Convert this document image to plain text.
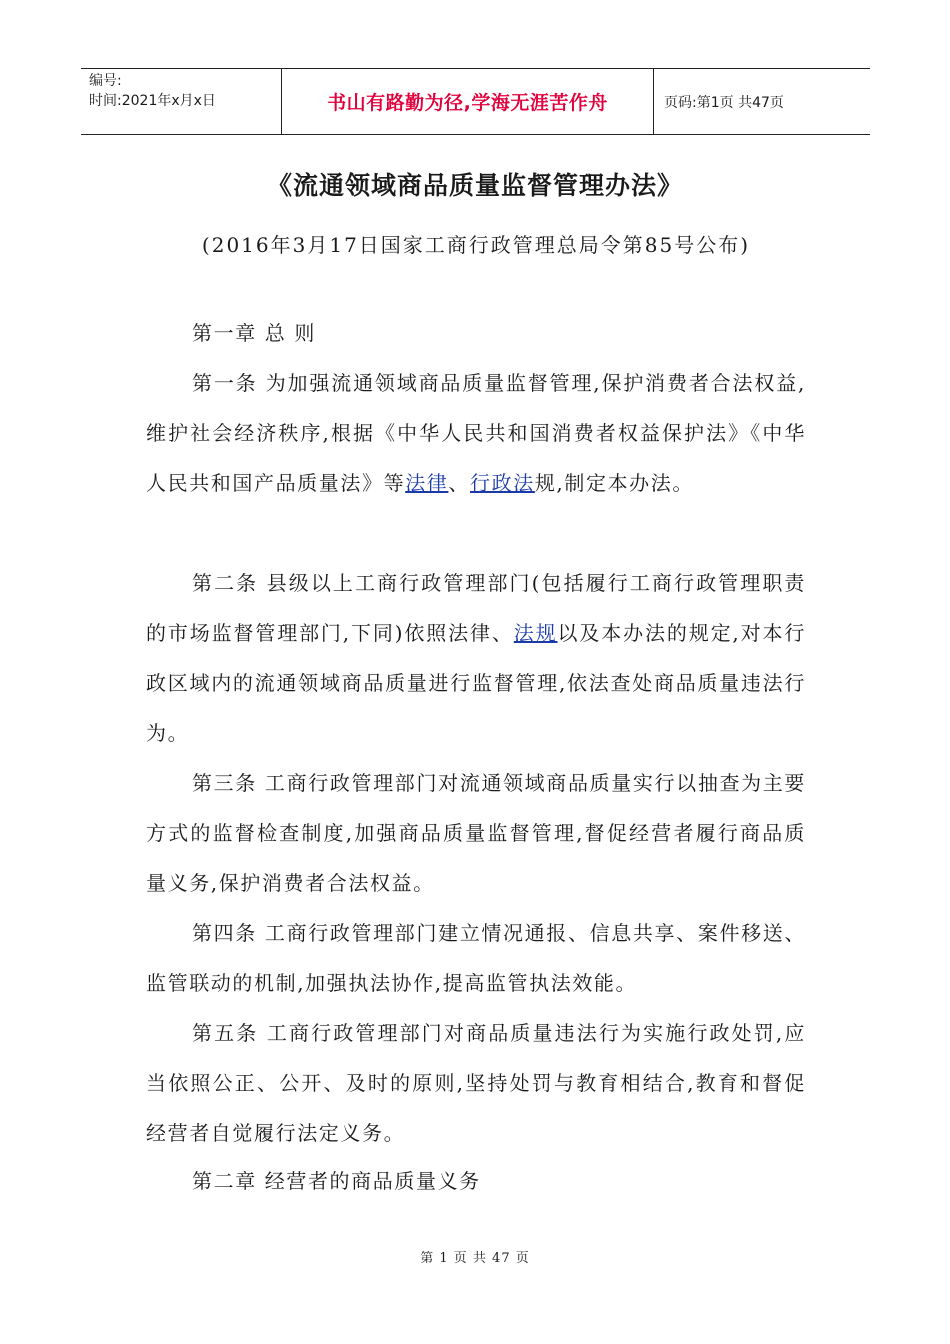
编号:
时间:2021年x月x日	书山有路勤为径,学海无涯苦作舟	页码:第1页 共47页
《流通领域商品质量监督管理办法》
(2016年3月17日国家工商行政管理总局令第85号公布)

第一章 总 则

第一条 为加强流通领域商品质量监督管理,保护消费者合法权益,维护社会经济秩序,根据《中华人民共和国消费者权益保护法》《中华人民共和国产品质量法》等法律、行政法规,制定本办法。

第二条 县级以上工商行政管理部门(包括履行工商行政管理职责的市场监督管理部门,下同)依照法律、法规以及本办法的规定,对本行政区域内的流通领域商品质量进行监督管理,依法查处商品质量违法行为。

第三条 工商行政管理部门对流通领域商品质量实行以抽查为主要方式的监督检查制度,加强商品质量监督管理,督促经营者履行商品质量义务,保护消费者合法权益。

第四条 工商行政管理部门建立情况通报、信息共享、案件移送、监管联动的机制,加强执法协作,提高监管执法效能。

第五条 工商行政管理部门对商品质量违法行为实施行政处罚,应当依照公正、公开、及时的原则,坚持处罚与教育相结合,教育和督促经营者自觉履行法定义务。

第二章 经营者的商品质量义务

第 1 页 共 47 页
